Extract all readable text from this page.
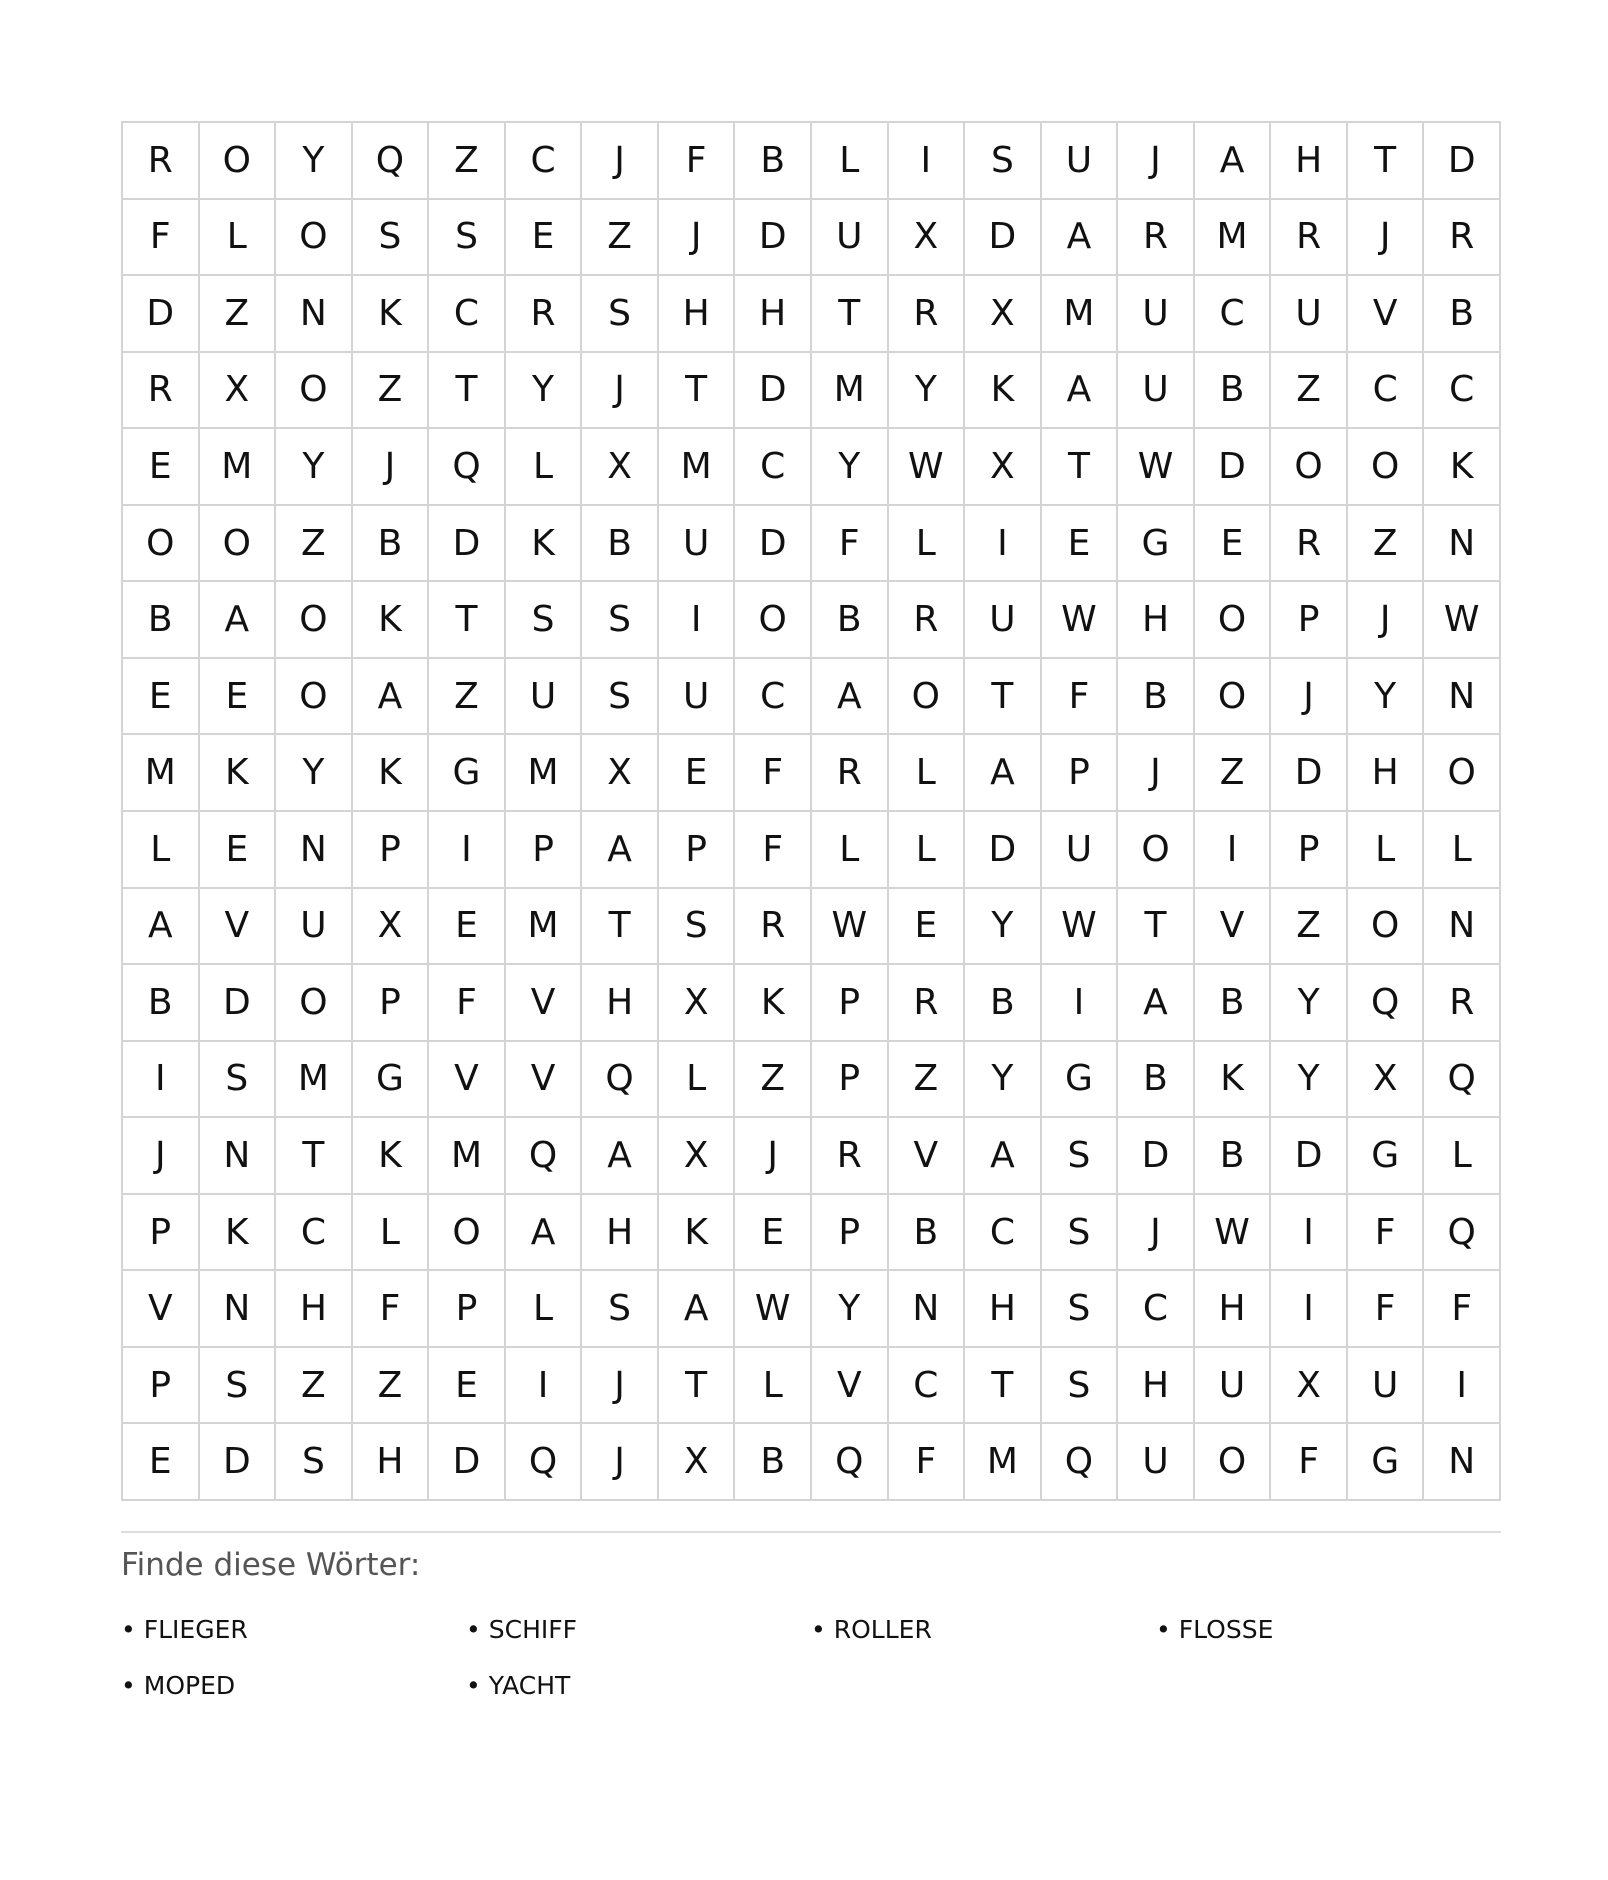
R	O	Y	Q	Z	C	J	F	B	L	I	S	U	J	A	H	T	D
F	L	O	S	S	E	Z	J	D	U	X	D	A	R	M	R	J	R
D	Z	N	K	C	R	S	H	H	T	R	X	M	U	C	U	V	B
R	X	O	Z	T	Y	J	T	D	M	Y	K	A	U	B	Z	C	C
E	M	Y	J	Q	L	X	M	C	Y	W	X	T	W	D	O	O	K
O	O	Z	B	D	K	B	U	D	F	L	I	E	G	E	R	Z	N
B	A	O	K	T	S	S	I	O	B	R	U	W	H	O	P	J	W
E	E	O	A	Z	U	S	U	C	A	O	T	F	B	O	J	Y	N
M	K	Y	K	G	M	X	E	F	R	L	A	P	J	Z	D	H	O
L	E	N	P	I	P	A	P	F	L	L	D	U	O	I	P	L	L
A	V	U	X	E	M	T	S	R	W	E	Y	W	T	V	Z	O	N
B	D	O	P	F	V	H	X	K	P	R	B	I	A	B	Y	Q	R
I	S	M	G	V	V	Q	L	Z	P	Z	Y	G	B	K	Y	X	Q
J	N	T	K	M	Q	A	X	J	R	V	A	S	D	B	D	G	L
P	K	C	L	O	A	H	K	E	P	B	C	S	J	W	I	F	Q
V	N	H	F	P	L	S	A	W	Y	N	H	S	C	H	I	F	F
P	S	Z	Z	E	I	J	T	L	V	C	T	S	H	U	X	U	I
E	D	S	H	D	Q	J	X	B	Q	F	M	Q	U	O	F	G	N
Finde diese Wörter:
• FLIEGER	• SCHIFF	• ROLLER	• FLOSSE
• MOPED	• YACHT
